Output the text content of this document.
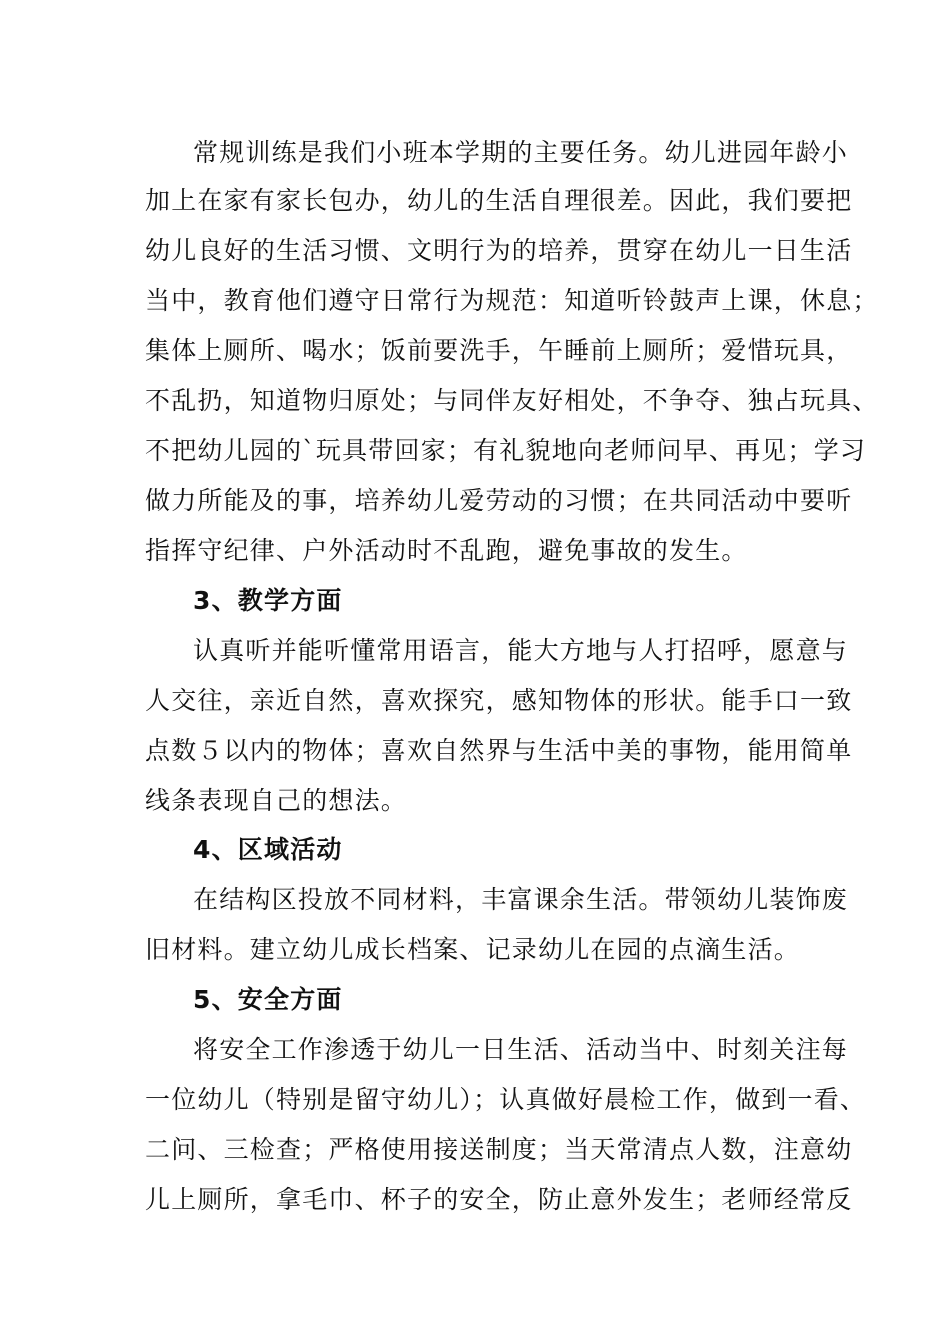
常规训练是我们小班本学期的主要任务。幼儿进园年龄小
加上在家有家长包办，幼儿的生活自理很差。因此，我们要把
幼儿良好的生活习惯、文明行为的培养，贯穿在幼儿一日生活
当中，教育他们遵守日常行为规范：知道听铃鼓声上课，休息；
集体上厕所、喝水；饭前要洗手，午睡前上厕所；爱惜玩具，
不乱扔，知道物归原处；与同伴友好相处，不争夺、独占玩具、
不把幼儿园的`玩具带回家；有礼貌地向老师问早、再见；学习
做力所能及的事，培养幼儿爱劳动的习惯；在共同活动中要听
指挥守纪律、户外活动时不乱跑，避免事故的发生。
3、教学方面
认真听并能听懂常用语言，能大方地与人打招呼，愿意与
人交往，亲近自然，喜欢探究，感知物体的形状。能手口一致
点数５以内的物体；喜欢自然界与生活中美的事物，能用简单
线条表现自己的想法。
4、区域活动
在结构区投放不同材料，丰富课余生活。带领幼儿装饰废
旧材料。建立幼儿成长档案、记录幼儿在园的点滴生活。
5、安全方面
将安全工作渗透于幼儿一日生活、活动当中、时刻关注每
一位幼儿（特别是留守幼儿）；认真做好晨检工作，做到一看、
二问、三检查；严格使用接送制度；当天常清点人数，注意幼
儿上厕所，拿毛巾、杯子的安全，防止意外发生；老师经常反
